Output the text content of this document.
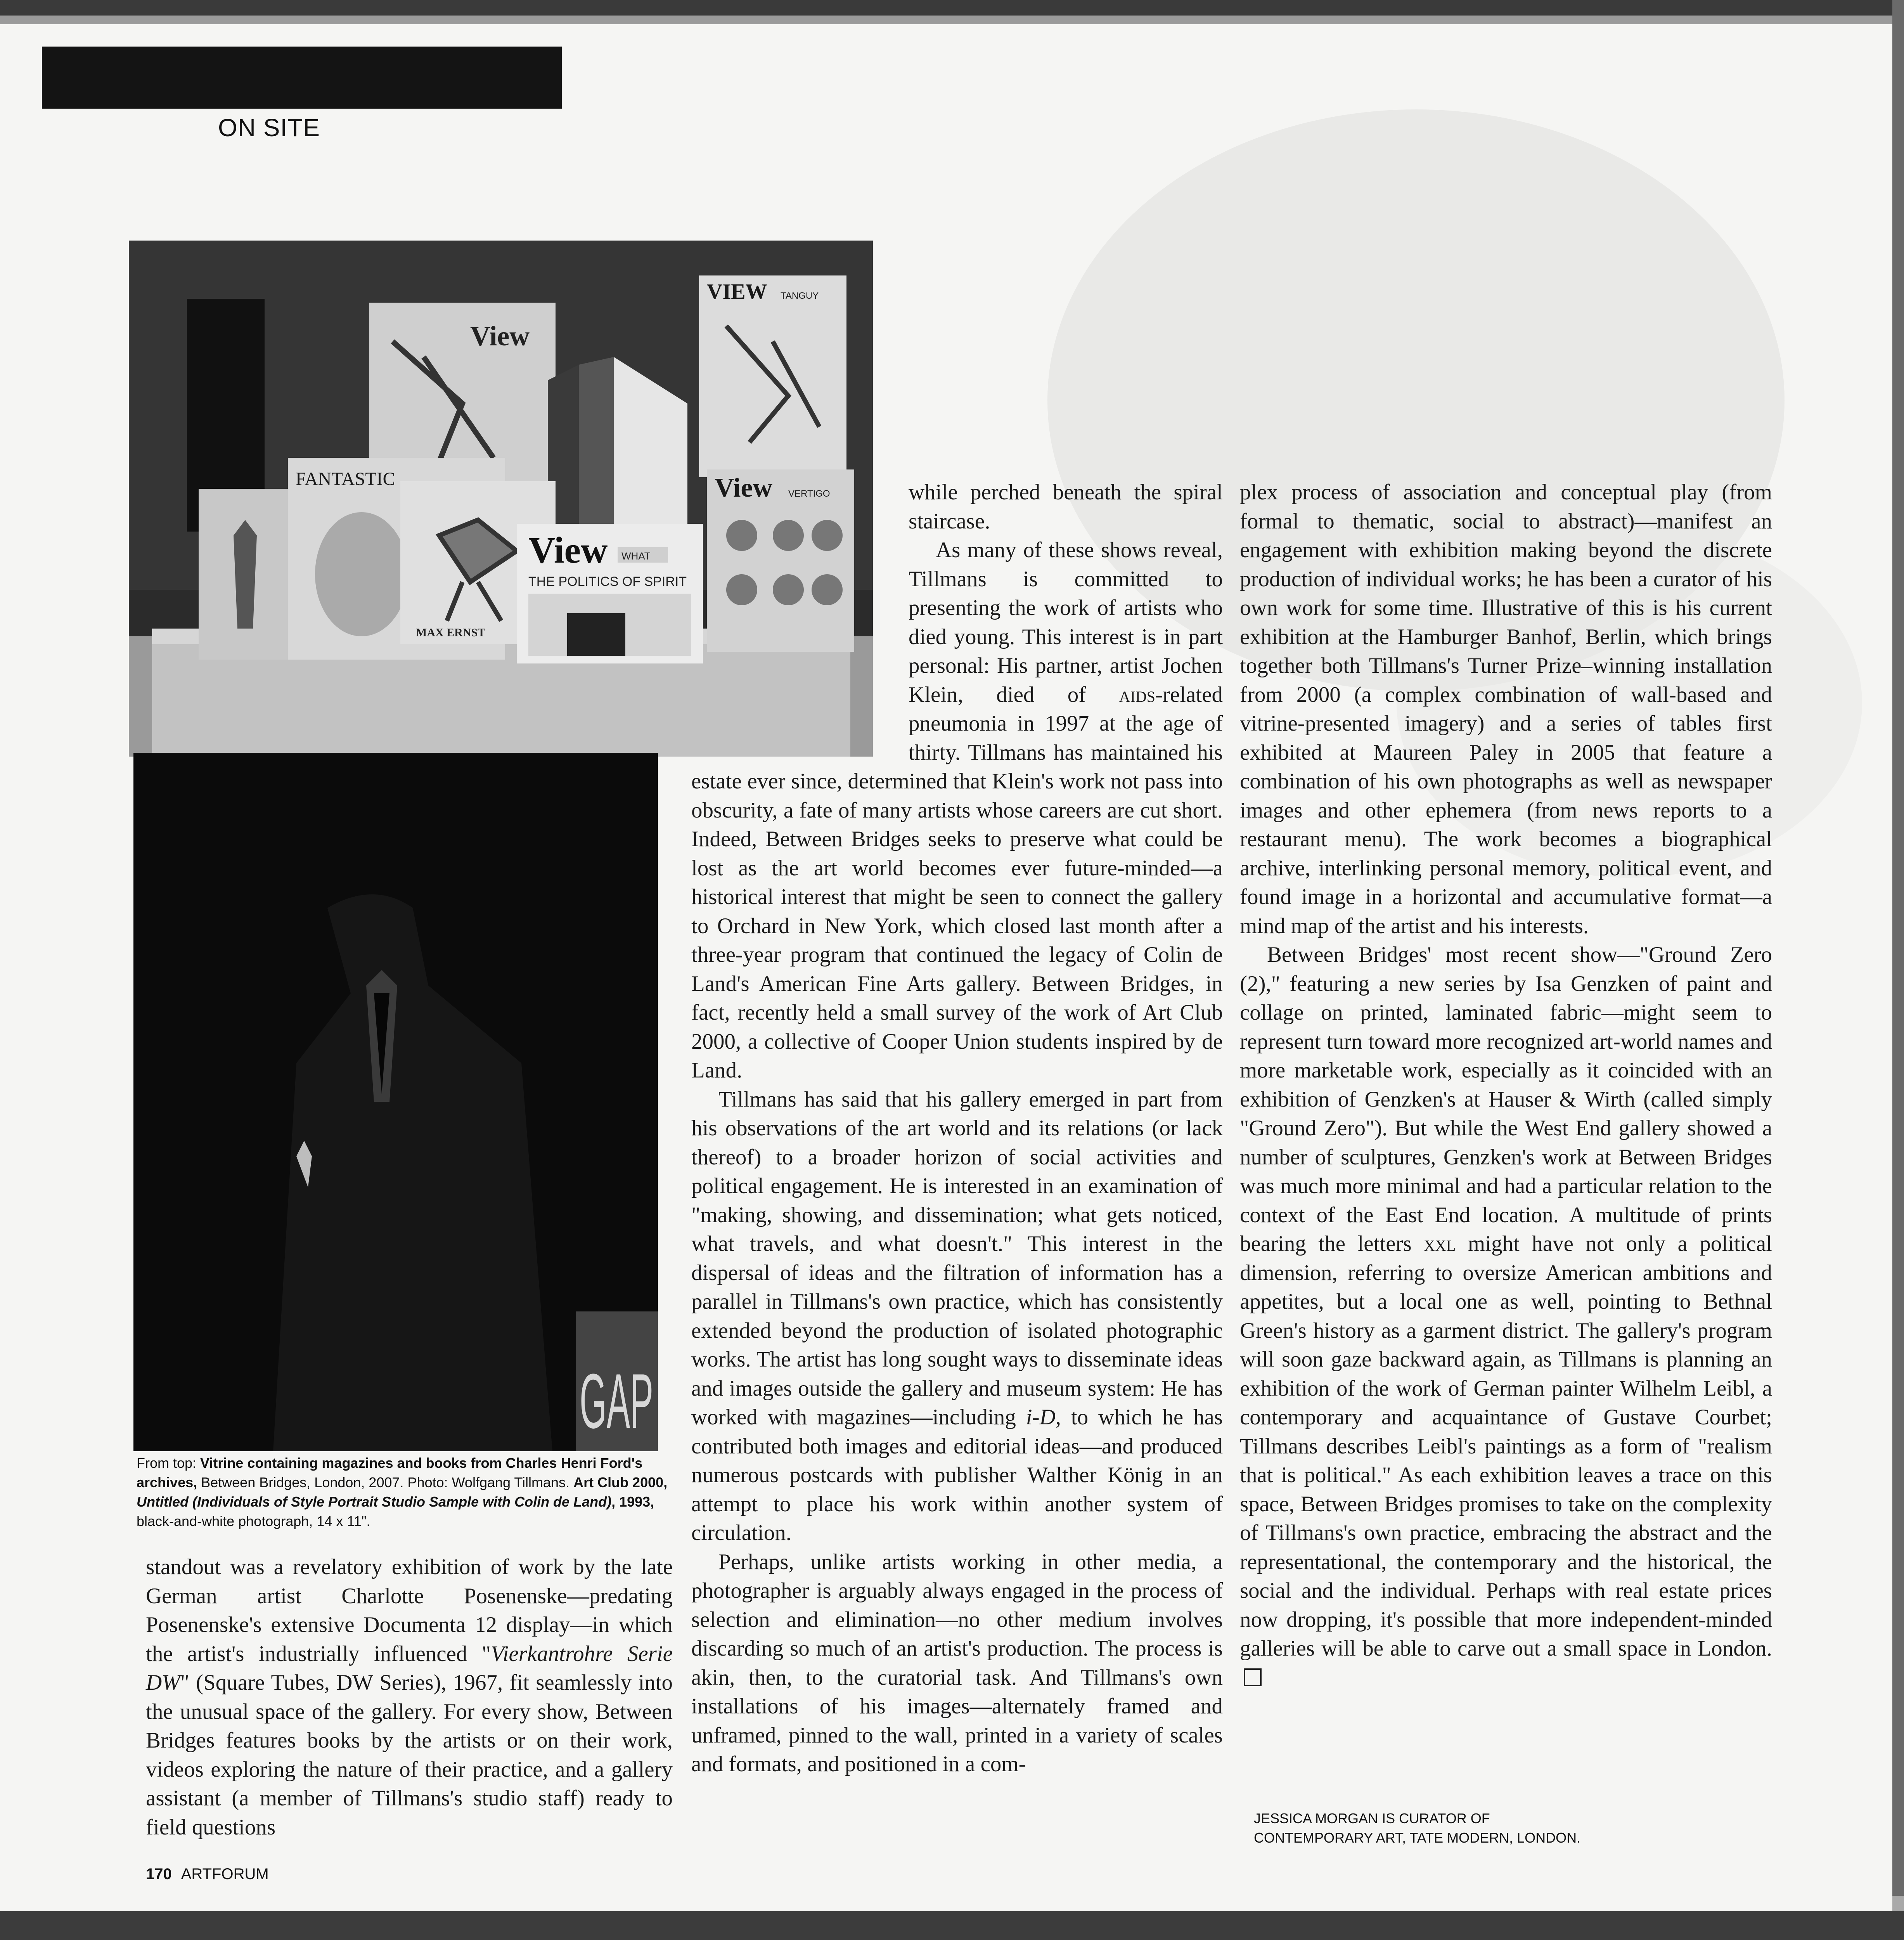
ON SITE
View
VIEW TANGUY
FANTASTIC
MAX ERNST
View WHAT
THE POLITICS OF SPIRIT
View VERTIGO
GAP
From top: Vitrine containing magazines and books from Charles Henri Ford's archives, Between Bridges, London, 2007. Photo: Wolfgang Tillmans. Art Club 2000, Untitled (Individuals of Style Portrait Studio Sample with Colin de Land), 1993, black-and-white photograph, 14 x 11".

standout was a revelatory exhibition of work by the late German artist Charlotte Posenenske—predating Posenenske's extensive Documenta 12 display—in which the artist's industrially influenced "Vierkantrohre Serie DW" (Square Tubes, DW Series), 1967, fit seamlessly into the unusual space of the gallery. For every show, Between Bridges features books by the artists or on their work, videos exploring the nature of their practice, and a gallery assistant (a member of Tillmans's studio staff) ready to field questions

while perched beneath the spiral staircase.

As many of these shows reveal, Tillmans is committed to presenting the work of artists who died young. This interest is in part personal: His partner, artist Jochen Klein, died of aids-related pneumonia in 1997 at the age of thirty. Tillmans has maintained his estate ever since, determined that Klein's work not pass into obscurity, a fate of many artists whose careers are cut short. Indeed, Between Bridges seeks to preserve what could be lost as the art world becomes ever future-minded—a historical interest that might be seen to connect the gallery to Orchard in New York, which closed last month after a three-year program that continued the legacy of Colin de Land's American Fine Arts gallery. Between Bridges, in fact, recently held a small survey of the work of Art Club 2000, a collective of Cooper Union students inspired by de Land.

Tillmans has said that his gallery emerged in part from his observations of the art world and its relations (or lack thereof) to a broader horizon of social activities and political engagement. He is interested in an examination of "making, showing, and dissemination; what gets noticed, what travels, and what doesn't." This interest in the dispersal of ideas and the filtration of information has a parallel in Tillmans's own practice, which has consistently extended beyond the production of isolated photographic works. The artist has long sought ways to disseminate ideas and images outside the gallery and museum system: He has worked with magazines—including i-D, to which he has contributed both images and editorial ideas—and produced numerous postcards with publisher Walther König in an attempt to place his work within another system of circulation.

Perhaps, unlike artists working in other media, a photographer is arguably always engaged in the process of selection and elimination—no other medium involves discarding so much of an artist's production. The process is akin, then, to the curatorial task. And Tillmans's own installations of his images—alternately framed and unframed, pinned to the wall, printed in a variety of scales and formats, and positioned in a com-

plex process of association and conceptual play (from formal to thematic, social to abstract)—manifest an engagement with exhibition making beyond the discrete production of individual works; he has been a curator of his own work for some time. Illustrative of this is his current exhibition at the Hamburger Banhof, Berlin, which brings together both Tillmans's Turner Prize–winning installation from 2000 (a complex combination of wall-based and vitrine-presented imagery) and a series of tables first exhibited at Maureen Paley in 2005 that feature a combination of his own photographs as well as newspaper images and other ephemera (from news reports to a restaurant menu). The work becomes a biographical archive, interlinking personal memory, political event, and found image in a horizontal and accumulative format—a mind map of the artist and his interests.

Between Bridges' most recent show—"Ground Zero (2)," featuring a new series by Isa Genzken of paint and collage on printed, laminated fabric—might seem to represent turn toward more recognized art-world names and more marketable work, especially as it coincided with an exhibition of Genzken's at Hauser & Wirth (called simply "Ground Zero"). But while the West End gallery showed a number of sculptures, Genzken's work at Between Bridges was much more minimal and had a particular relation to the context of the East End location. A multitude of prints bearing the letters xxl might have not only a political dimension, referring to oversize American ambitions and appetites, but a local one as well, pointing to Bethnal Green's history as a garment district. The gallery's program will soon gaze backward again, as Tillmans is planning an exhibition of the work of German painter Wilhelm Leibl, a contemporary and acquaintance of Gustave Courbet; Tillmans describes Leibl's paintings as a form of "realism that is political." As each exhibition leaves a trace on this space, Between Bridges promises to take on the complexity of Tillmans's own practice, embracing the abstract and the representational, the contemporary and the historical, the social and the individual. Perhaps with real estate prices now dropping, it's possible that more independent-minded galleries will be able to carve out a small space in London.

JESSICA MORGAN IS CURATOR OF
CONTEMPORARY ART, TATE MODERN, LONDON.
170 ARTFORUM
